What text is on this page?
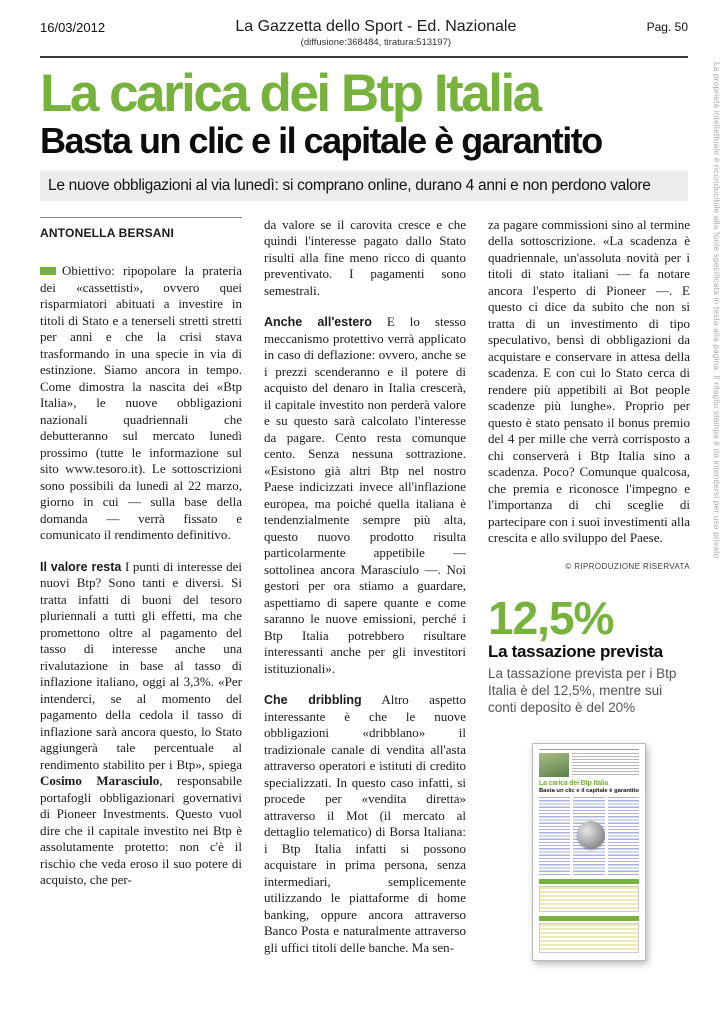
16/03/2012	La Gazzetta dello Sport - Ed. Nazionale
(diffusione:368484, tiratura:513197)
Pag. 50
La carica dei Btp Italia
Basta un clic e il capitale è garantito
Le nuove obbligazioni al via lunedì: si comprano online, durano 4 anni e non perdono valore
ANTONELLA BERSANI

Obiettivo: ripopolare la prateria dei «cassettisti», ovvero quei risparmiatori abituati a investire in titoli di Stato e a tenerseli stretti stretti per anni e che la crisi stava trasformando in una specie in via di estinzione. Siamo ancora in tempo. Come dimostra la nascita dei «Btp Italia», le nuove obbligazioni nazionali quadriennali che debutteranno sul mercato lunedì prossimo (tutte le informazione sul sito www.tesoro.it). Le sottoscrizioni sono possibili da lunedì al 22 marzo, giorno in cui — sulla base della domanda — verrà fissato e comunicato il rendimento definitivo.

Il valore resta I punti di interesse dei nuovi Btp? Sono tanti e diversi. Si tratta infatti di buoni del tesoro pluriennali a tutti gli effetti, ma che promettono oltre al pagamento del tasso di interesse anche una rivalutazione in base al tasso di inflazione italiano, oggi al 3,3%. «Per intenderci, se al momento del pagamento della cedola il tasso di inflazione sarà ancora questo, lo Stato aggiungerà tale percentuale al rendimento stabilito per i Btp», spiega Cosimo Marasciulo, responsabile portafogli obbligazionari governativi di Pioneer Investments. Questo vuol dire che il capitale investito nei Btp è assolutamente protetto: non c'è il rischio che veda eroso il suo potere di acquisto, che per-

da valore se il carovita cresce e che quindi l'interesse pagato dallo Stato risulti alla fine meno ricco di quanto preventivato. I pagamenti sono semestrali.

Anche all'estero E lo stesso meccanismo protettivo verrà applicato in caso di deflazione: ovvero, anche se i prezzi scenderanno e il potere di acquisto del denaro in Italia crescerà, il capitale investito non perderà valore e su questo sarà calcolato l'interesse da pagare. Cento resta comunque cento. Senza nessuna sottrazione. «Esistono già altri Btp nel nostro Paese indicizzati invece all'inflazione europea, ma poiché quella italiana è tendenzialmente sempre più alta, questo nuovo prodotto risulta particolarmente appetibile — sottolinea ancora Marasciulo —. Noi gestori per ora stiamo a guardare, aspettiamo di sapere quante e come saranno le nuove emissioni, perché i Btp Italia potrebbero risultare interessanti anche per gli investitori istituzionali».

Che dribbling Altro aspetto interessante è che le nuove obbligazioni «dribblano» il tradizionale canale di vendita all'asta attraverso operatori e istituti di credito specializzati. In questo caso infatti, si procede per «vendita diretta» attraverso il Mot (il mercato al dettaglio telematico) di Borsa Italiana: i Btp Italia infatti si possono acquistare in prima persona, senza intermediari, semplicemente utilizzando le piattaforme di home banking, oppure ancora attraverso Banco Posta e naturalmente attraverso gli uffici titoli delle banche. Ma sen-

za pagare commissioni sino al termine della sottoscrizione. «La scadenza è quadriennale, un'assoluta novità per i titoli di stato italiani — fa notare ancora l'esperto di Pioneer —. E questo ci dice da subito che non si tratta di un investimento di tipo speculativo, bensì di obbligazioni da acquistare e conservare in attesa della scadenza. E con cui lo Stato cerca di rendere più appetibili ai Bot people scadenze più lunghe». Proprio per questo è stato pensato il bonus premio del 4 per mille che verrà corrisposto a chi conserverà i Btp Italia sino a scadenza. Poco? Comunque qualcosa, che premia e riconosce l'impegno e l'importanza di chi sceglie di partecipare con i suoi investimenti alla crescita e allo sviluppo del Paese.

© RIPRODUZIONE RISERVATA
12,5%
La tassazione prevista
La tassazione prevista per i Btp Italia è del 12,5%, mentre sui conti deposito è del 20%
La carica dei Btp Italia
Basta un clic e il capitale è garantito
La proprietà intellettuale è riconducibile alla fonte specificata in testa alla pagina. Il ritaglio stampa è da intendersi per uso privato
